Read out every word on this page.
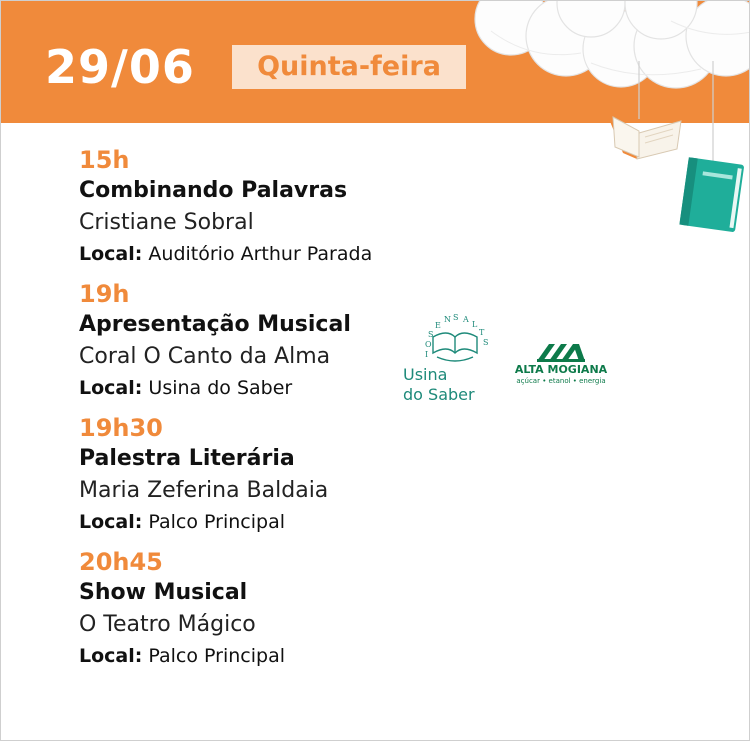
29/06	Quinta-feira
15h
Combinando Palavras
Cristiane Sobral
Local: Auditório Arthur Parada
19h
Apresentação Musical
Coral O Canto da Alma
Local: Usina do Saber
19h30
Palestra Literária
Maria Zeferina Baldaia
Local: Palco Principal
20h45
Show Musical
O Teatro Mágico
Local: Palco Principal
I
O
S
E
N S A
L
T
S
Usina
do Saber
ALTA MOGIANA
açúcar • etanol • energia
